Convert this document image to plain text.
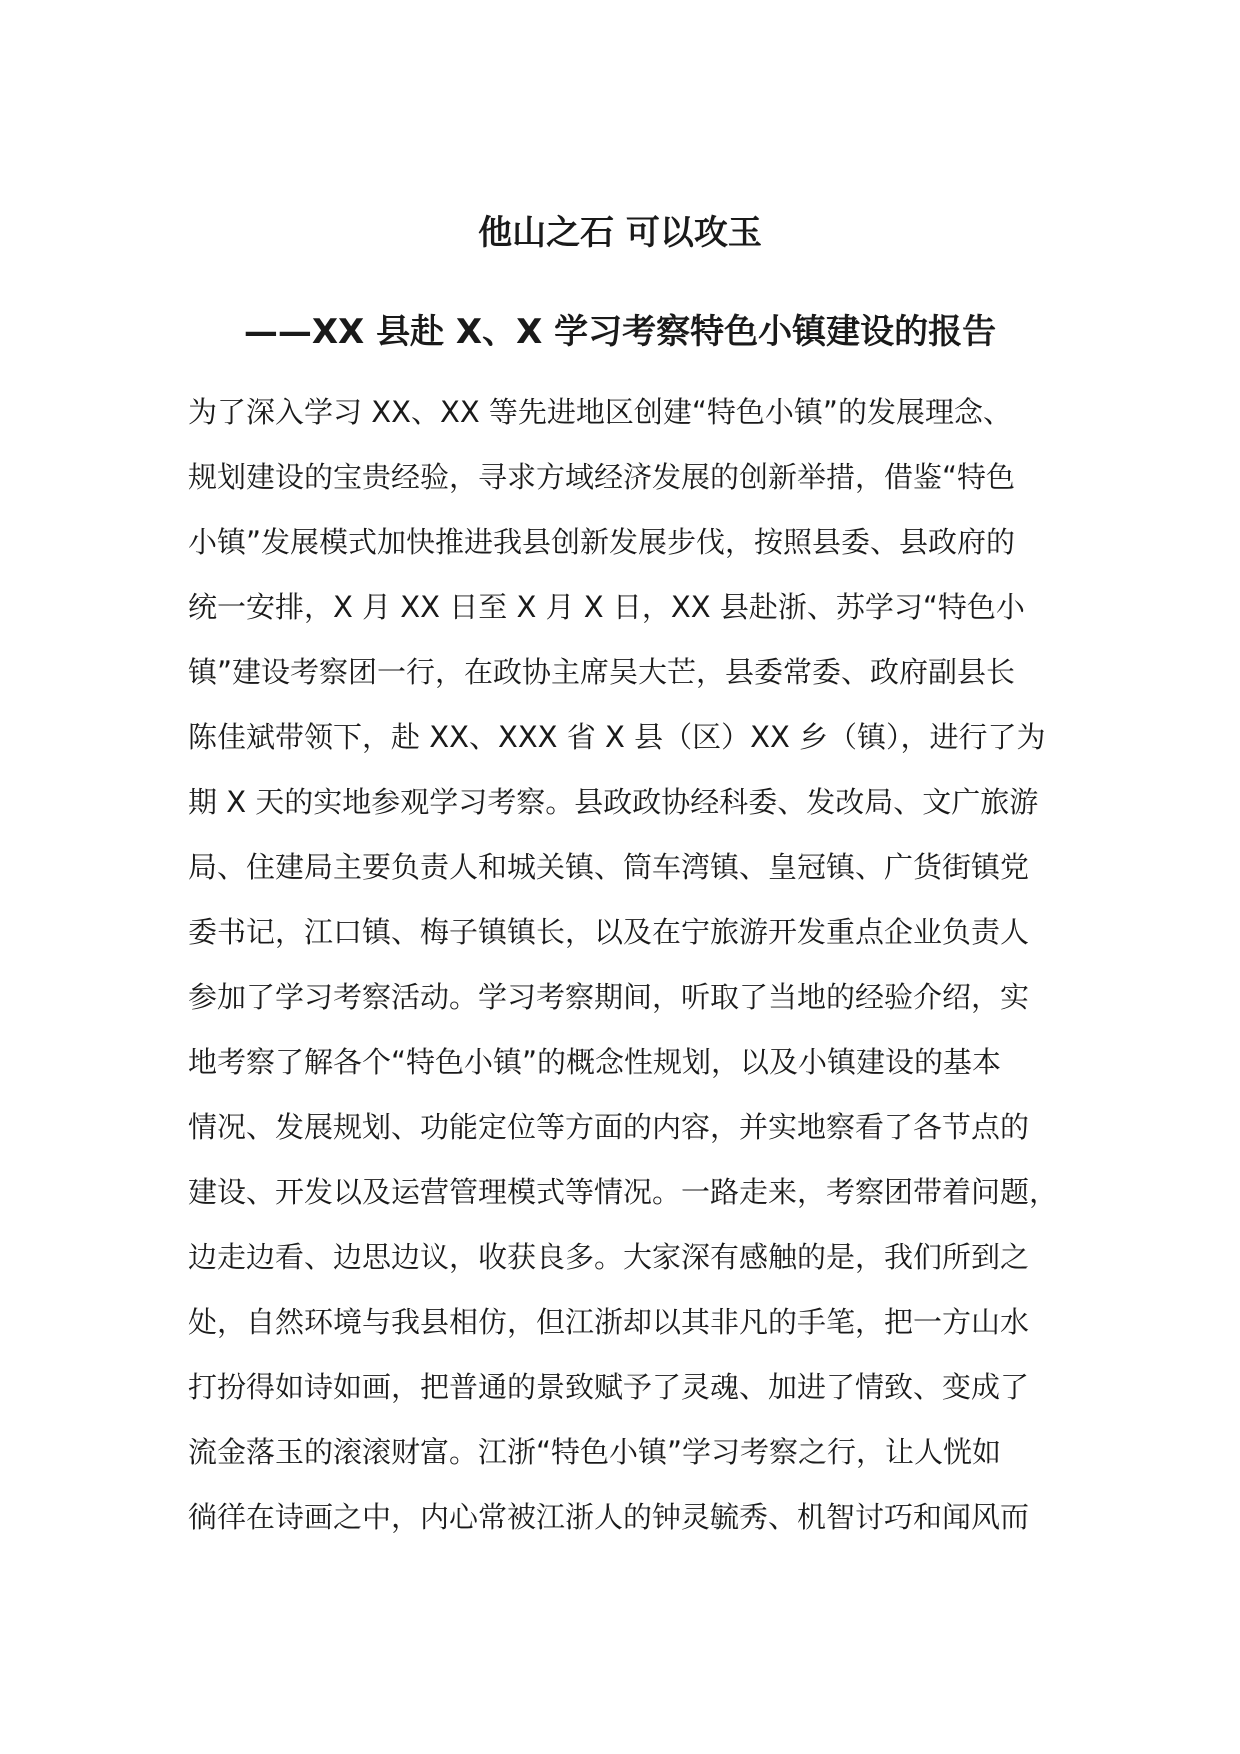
他山之石 可以攻玉
——XX 县赴 X、X 学习考察特色小镇建设的报告
为了深入学习 XX、XX 等先进地区创建“特色小镇”的发展理念、
规划建设的宝贵经验，寻求方域经济发展的创新举措，借鉴“特色
小镇”发展模式加快推进我县创新发展步伐，按照县委、县政府的
统一安排，X 月 XX 日至 X 月 X 日，XX 县赴浙、苏学习“特色小
镇”建设考察团一行，在政协主席吴大芒，县委常委、政府副县长
陈佳斌带领下，赴 XX、XXX 省 X 县（区）XX 乡（镇），进行了为
期 X 天的实地参观学习考察。县政政协经科委、发改局、文广旅游
局、住建局主要负责人和城关镇、筒车湾镇、皇冠镇、广货街镇党
委书记，江口镇、梅子镇镇长，以及在宁旅游开发重点企业负责人
参加了学习考察活动。学习考察期间，听取了当地的经验介绍，实
地考察了解各个“特色小镇”的概念性规划，以及小镇建设的基本
情况、发展规划、功能定位等方面的内容，并实地察看了各节点的
建设、开发以及运营管理模式等情况。一路走来，考察团带着问题，
边走边看、边思边议，收获良多。大家深有感触的是，我们所到之
处，自然环境与我县相仿，但江浙却以其非凡的手笔，把一方山水
打扮得如诗如画，把普通的景致赋予了灵魂、加进了情致、变成了
流金落玉的滚滚财富。江浙“特色小镇”学习考察之行，让人恍如
徜徉在诗画之中，内心常被江浙人的钟灵毓秀、机智讨巧和闻风而
